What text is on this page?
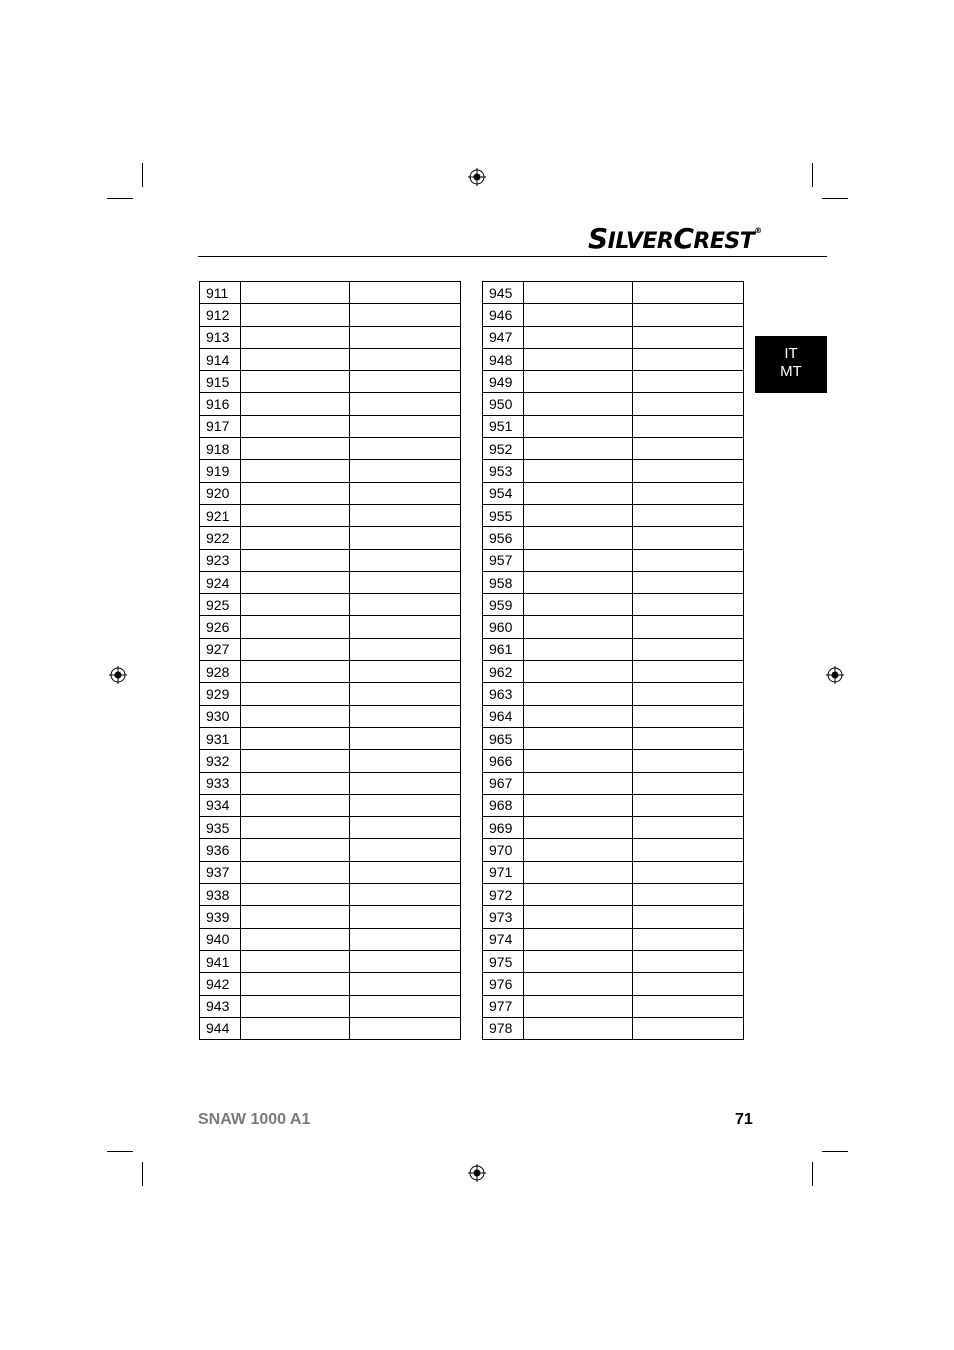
SILVERCREST®
IT
MT
911		
912		
913		
914		
915		
916		
917		
918		
919		
920		
921		
922		
923		
924		
925		
926		
927		
928		
929		
930		
931		
932		
933		
934		
935		
936		
937		
938		
939		
940		
941		
942		
943		
944		
945		
946		
947		
948		
949		
950		
951		
952		
953		
954		
955		
956		
957		
958		
959		
960		
961		
962		
963		
964		
965		
966		
967		
968		
969		
970		
971		
972		
973		
974		
975		
976		
977		
978		
SNAW 1000 A1	71
